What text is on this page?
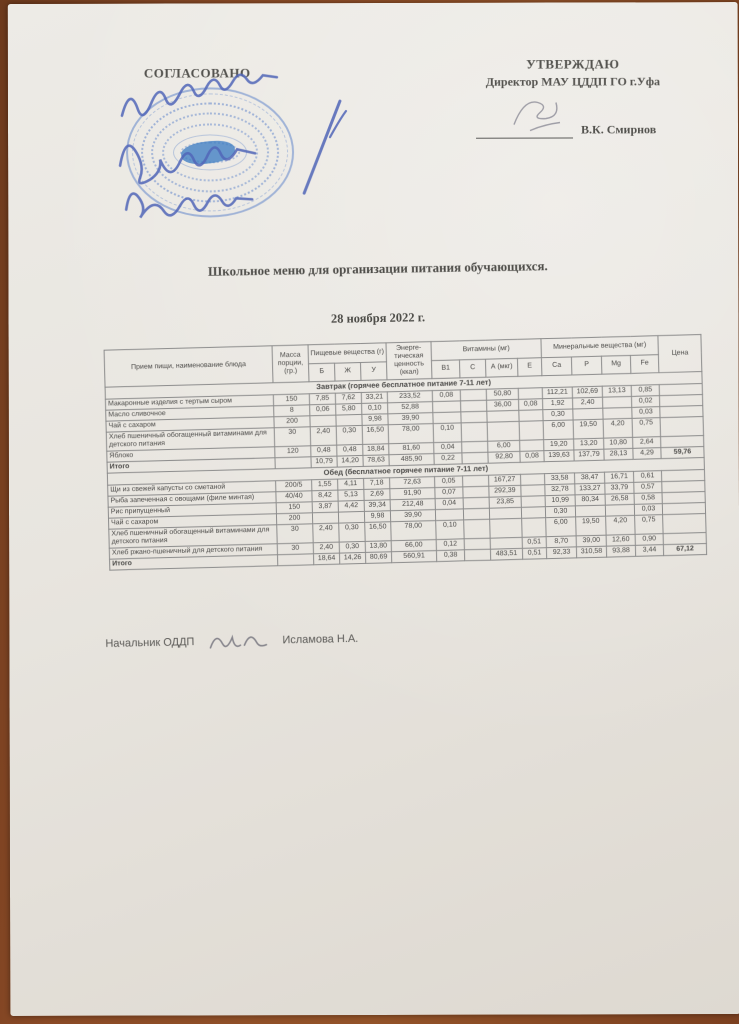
СОГЛАСОВАНО
УТВЕРЖДАЮ
Директор МАУ ЦДДП ГО г.Уфа
В.К. Смирнов
Школьное меню для организации питания обучающихся.
28 ноября 2022 г.
Прием пищи, наименование блюда	Масса порции, (гр.)	Пищевые вещества (г)			Энерге-тическая ценность (ккал)	Витамины (мг)				Минеральные вещества (мг)				Цена
		Б	Ж	У		В1	С	А (мкг)	Е	Са	Р	Mg	Fe	
Завтрак (горячее бесплатное питание 7-11 лет)														
Макаронные изделия с тертым сыром	150	7,85	7,62	33,21	233,52	0,08		50,80		112,21	102,69	13,13	0,85	
Масло сливочное	8	0,06	5,80	0,10	52,88			36,00	0,08	1,92	2,40		0,02	
Чай с сахаром	200			9,98	39,90					0,30			0,03	
Хлеб пшеничный обогащенный витаминами для детского питания	30	2,40	0,30	16,50	78,00	0,10				6,00	19,50	4,20	0,75	
Яблоко	120	0,48	0,48	18,84	81,60	0,04		6,00		19,20	13,20	10,80	2,64	
Итого		10,79	14,20	78,63	485,90	0,22		92,80	0,08	139,63	137,79	28,13	4,29	59,76
Обед (бесплатное горячее питание 7-11 лет)														
Щи из свежей капусты со сметаной	200/5	1,55	4,11	7,18	72,63	0,05		167,27		33,58	38,47	16,71	0,61	
Рыба запеченная с овощами (филе минтая)	40/40	8,42	5,13	2,69	91,90	0,07		292,39		32,78	133,27	33,79	0,57	
Рис припущенный	150	3,87	4,42	39,34	212,48	0,04		23,85		10,99	80,34	26,58	0,58	
Чай с сахаром	200			9,98	39,90					0,30			0,03	
Хлеб пшеничный обогащенный витаминами для детского питания	30	2,40	0,30	16,50	78,00	0,10				6,00	19,50	4,20	0,75	
Хлеб ржано-пшеничный для детского питания	30	2,40	0,30	13,80	66,00	0,12			0,51	8,70	39,00	12,60	0,90	
Итого		18,64	14,26	80,69	560,91	0,38		483,51	0,51	92,33	310,58	93,88	3,44	67,12
Начальник ОДДП	Исламова Н.А.
